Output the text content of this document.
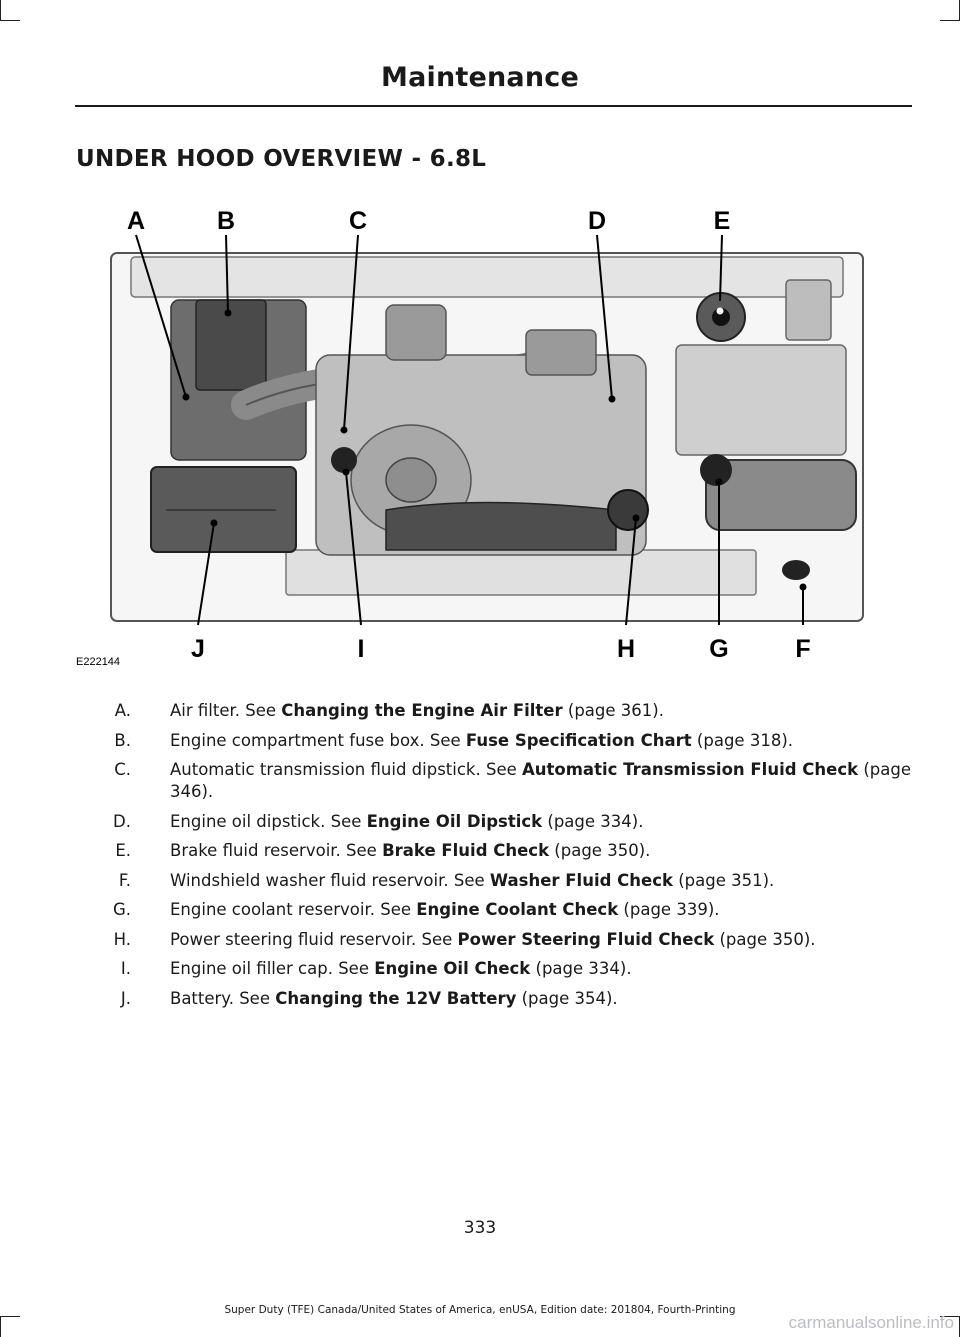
Maintenance
UNDER HOOD OVERVIEW - 6.8L
A	B	C	D	E
J	I	H	G	F
E222144
A.	Air filter. See Changing the Engine Air Filter (page 361).
B.	Engine compartment fuse box. See Fuse Specification Chart (page 318).
C.	Automatic transmission fluid dipstick. See Automatic Transmission Fluid Check (page 346).
D.	Engine oil dipstick. See Engine Oil Dipstick (page 334).
E.	Brake fluid reservoir. See Brake Fluid Check (page 350).
F.	Windshield washer fluid reservoir. See Washer Fluid Check (page 351).
G.	Engine coolant reservoir. See Engine Coolant Check (page 339).
H.	Power steering fluid reservoir. See Power Steering Fluid Check (page 350).
I.	Engine oil filler cap. See Engine Oil Check (page 334).
J.	Battery. See Changing the 12V Battery (page 354).
333
Super Duty (TFE) Canada/United States of America, enUSA, Edition date: 201804, Fourth-Printing
carmanualsonline.info
